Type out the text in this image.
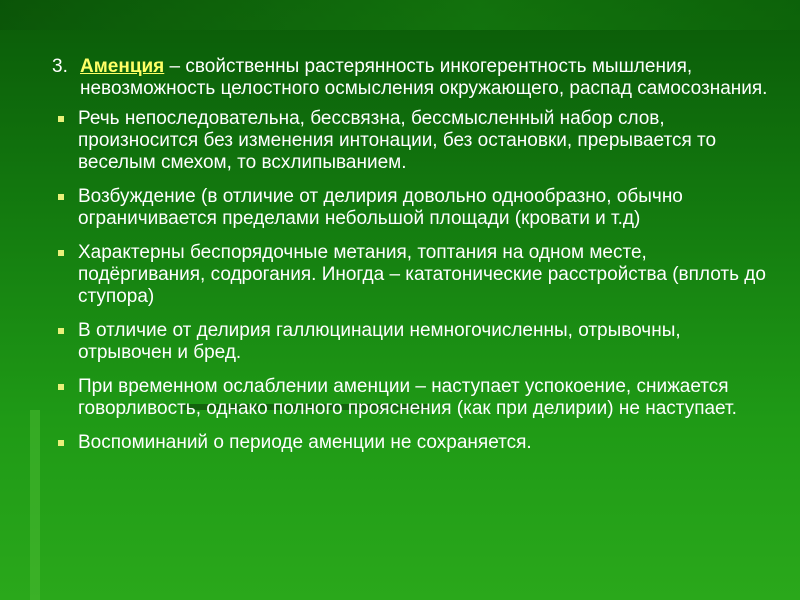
3. Аменция – свойственны растерянность инкогерентность мышления, невозможность целостного осмысления окружающего, распад самосознания.

Речь непоследовательна, бессвязна, бессмысленный набор слов, произносится без изменения интонации, без остановки, прерывается то веселым смехом, то всхлипыванием.
Возбуждение (в отличие от делирия довольно однообразно, обычно ограничивается пределами небольшой площади (кровати и т.д)
Характерны беспорядочные метания, топтания на одном месте, подёргивания, содрогания. Иногда – кататонические расстройства (вплоть до ступора)
В отличие от делирия галлюцинации немногочисленны, отрывочны, отрывочен и бред.
При временном ослаблении аменции – наступает успокоение, снижается говорливость, однако полного прояснения (как при делирии) не наступает.
Воспоминаний о периоде аменции не сохраняется.
